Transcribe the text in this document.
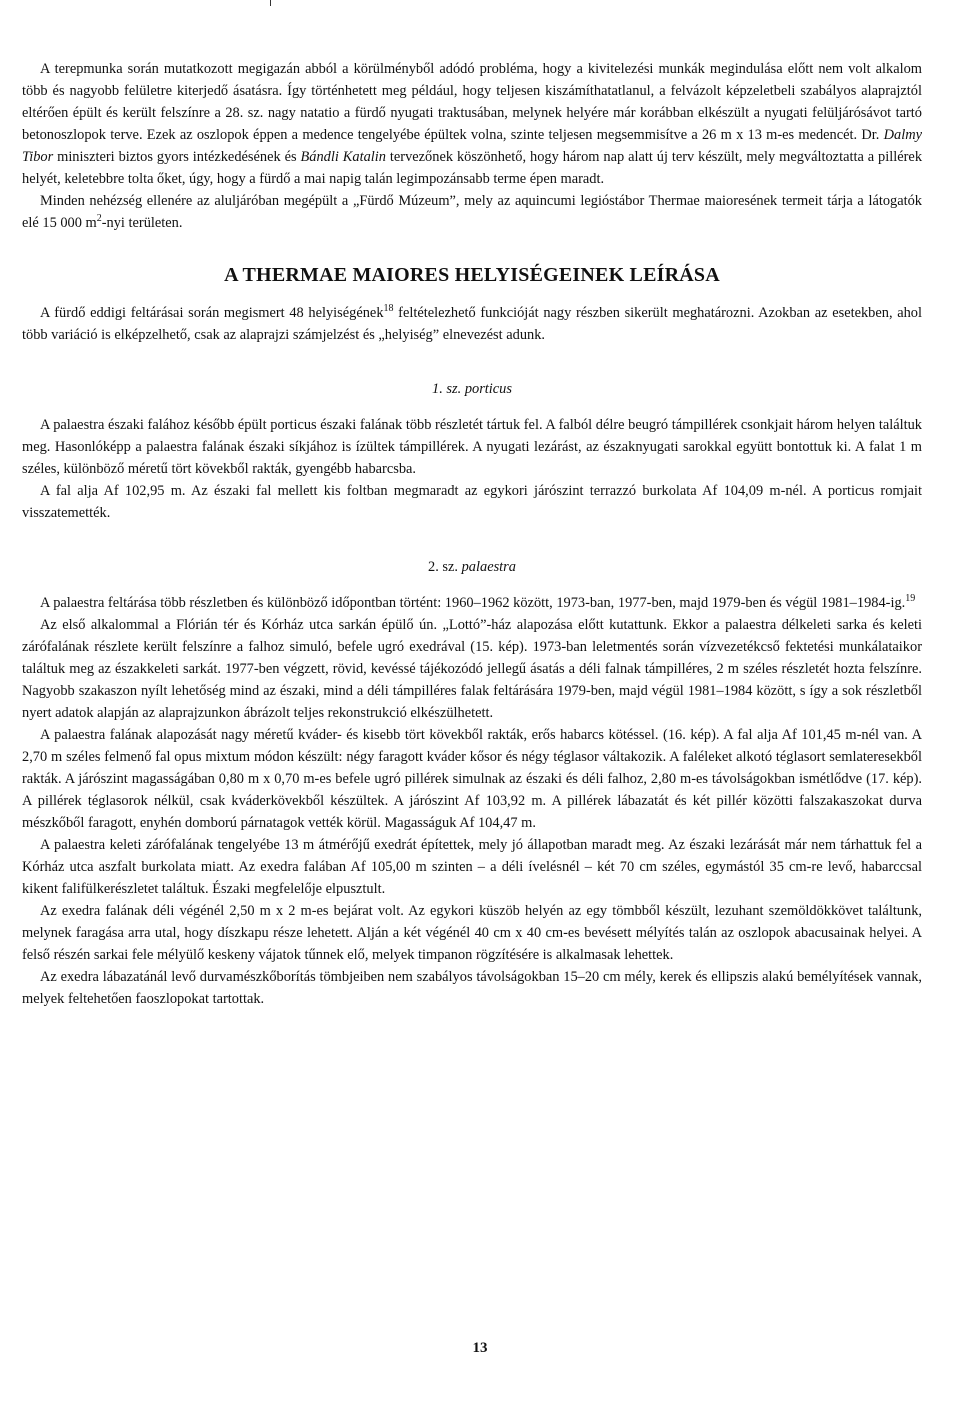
A terepmunka során mutatkozott megigazán abból a körülményből adódó probléma, hogy a kivitelezési munkák megindulása előtt nem volt alkalom több és nagyobb felületre kiterjedő ásatásra. Így történhetett meg például, hogy teljesen kiszámíthatatlanul, a felvázolt képzeletbeli szabályos alaprajztól eltérően épült és került felszínre a 28. sz. nagy natatio a fürdő nyugati traktusában, melynek helyére már korábban elkészült a nyugati felüljárósávot tartó betonoszlopok terve. Ezek az oszlopok éppen a medence tengelyébe épültek volna, szinte teljesen megsemmisítve a 26 m x 13 m-es medencét. Dr. Dalmy Tibor miniszteri biztos gyors intézkedésének és Bándli Katalin tervezőnek köszönhető, hogy három nap alatt új terv készült, mely megváltoztatta a pillérek helyét, keletebbre tolta őket, úgy, hogy a fürdő a mai napig talán legimpozánsabb terme épen maradt.

Minden nehézség ellenére az aluljáróban megépült a „Fürdő Múzeum”, mely az aquincumi legióstábor Thermae maioresének termeit tárja a látogatók elé 15 000 $m^2$-nyi területen.

A THERMAE MAIORES HELYISÉGEINEK LEÍRÁSA

A fürdő eddigi feltárásai során megismert 48 helyiségének$^{18}$ feltételezhető funkcióját nagy részben sikerült meghatározni. Azokban az esetekben, ahol több variáció is elképzelhető, csak az alaprajzi számjelzést és „helyiség” elnevezést adunk.

1. sz. porticus

A palaestra északi falához később épült porticus északi falának több részletét tártuk fel. A falból délre beugró támpillérek csonkjait három helyen találtuk meg. Hasonlóképp a palaestra falának északi síkjához is ízültek támpillérek. A nyugati lezárást, az északnyugati sarokkal együtt bontottuk ki. A falat 1 m széles, különböző méretű tört kövekből rakták, gyengébb habarcsba.

A fal alja Af 102,95 m. Az északi fal mellett kis foltban megmaradt az egykori járószint terrazzó burkolata Af 104,09 m-nél. A porticus romjait visszatemették.

2. sz. palaestra

A palaestra feltárása több részletben és különböző időpontban történt: 1960–1962 között, 1973-ban, 1977-ben, majd 1979-ben és végül 1981–1984-ig.$^{19}$

Az első alkalommal a Flórián tér és Kórház utca sarkán épülő ún. „Lottó”-ház alapozása előtt kutattunk. Ekkor a palaestra délkeleti sarka és keleti zárófalának részlete került felszínre a falhoz simuló, befele ugró exedrával (15. kép). 1973-ban leletmentés során vízvezetékcső fektetési munkálataikor találtuk meg az északkeleti sarkát. 1977-ben végzett, rövid, kevéssé tájékozódó jellegű ásatás a déli falnak támpilléres, 2 m széles részletét hozta felszínre. Nagyobb szakaszon nyílt lehetőség mind az északi, mind a déli támpilléres falak feltárására 1979-ben, majd végül 1981–1984 között, s így a sok részletből nyert adatok alapján az alaprajzunkon ábrázolt teljes rekonstrukció elkészülhetett.

A palaestra falának alapozását nagy méretű kváder- és kisebb tört kövekből rakták, erős habarcs kötéssel. (16. kép). A fal alja Af 101,45 m-nél van. A 2,70 m széles felmenő fal opus mixtum módon készült: négy faragott kváder kősor és négy téglasor váltakozik. A faléleket alkotó téglasort semlateresekből rakták. A járószint magasságában 0,80 m x 0,70 m-es befele ugró pillérek simulnak az északi és déli falhoz, 2,80 m-es távolságokban ismétlődve (17. kép). A pillérek téglasorok nélkül, csak kváderkövekből készültek. A járószint Af 103,92 m. A pillérek lábazatát és két pillér közötti falszakaszokat durva mészkőből faragott, enyhén domború párnatagok vették körül. Magasságuk Af 104,47 m.

A palaestra keleti zárófalának tengelyébe 13 m átmérőjű exedrát építettek, mely jó állapotban maradt meg. Az északi lezárását már nem tárhattuk fel a Kórház utca aszfalt burkolata miatt. Az exedra falában Af 105,00 m szinten – a déli ívelésnél – két 70 cm széles, egymástól 35 cm-re levő, habarccsal kikent falifülkerészletet találtuk. Északi megfelelője elpusztult.

Az exedra falának déli végénél 2,50 m x 2 m-es bejárat volt. Az egykori küszöb helyén az egy tömbből készült, lezuhant szemöldökkövet találtunk, melynek faragása arra utal, hogy díszkapu része lehetett. Alján a két végénél 40 cm x 40 cm-es bevésett mélyítés talán az oszlopok abacusainak helyei. A felső részén sarkai fele mélyülő keskeny vájatok tűnnek elő, melyek timpanon rögzítésére is alkalmasak lehettek.

Az exedra lábazatánál levő durvamészkőborítás tömbjeiben nem szabályos távolságokban 15–20 cm mély, kerek és ellipszis alakú bemélyítések vannak, melyek feltehetően faoszlopokat tartottak.

13
